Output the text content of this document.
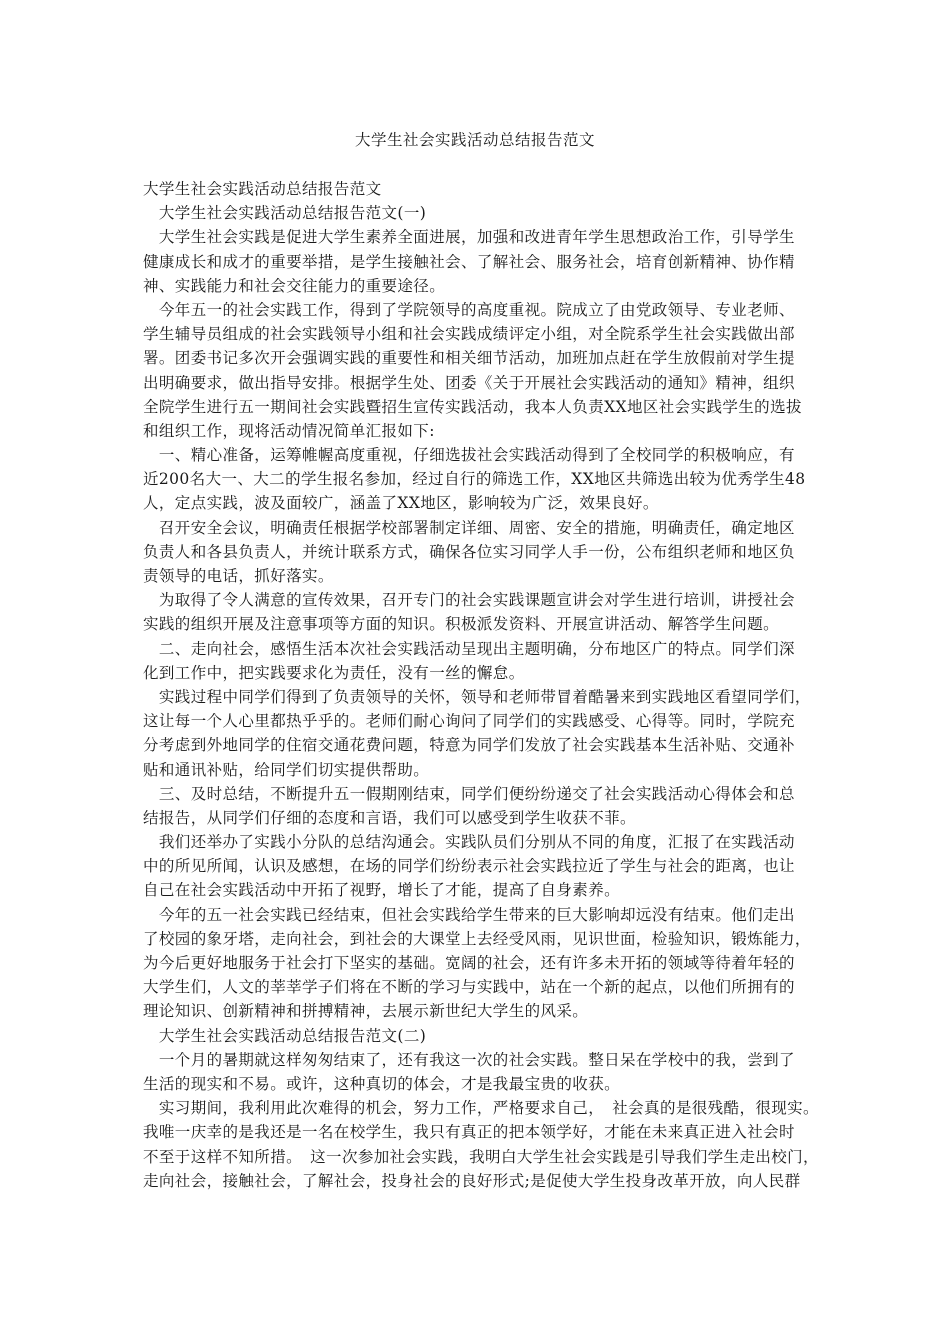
大学生社会实践活动总结报告范文
大学生社会实践活动总结报告范文
　大学生社会实践活动总结报告范文(一)
　大学生社会实践是促进大学生素养全面进展，加强和改进青年学生思想政治工作，引导学生
健康成长和成才的重要举措，是学生接触社会、了解社会、服务社会，培育创新精神、协作精
神、实践能力和社会交往能力的重要途径。
　今年五一的社会实践工作，得到了学院领导的高度重视。院成立了由党政领导、专业老师、
学生辅导员组成的社会实践领导小组和社会实践成绩评定小组，对全院系学生社会实践做出部
署。团委书记多次开会强调实践的重要性和相关细节活动，加班加点赶在学生放假前对学生提
出明确要求，做出指导安排。根据学生处、团委《关于开展社会实践活动的通知》精神，组织
全院学生进行五一期间社会实践暨招生宣传实践活动，我本人负责XX地区社会实践学生的选拔
和组织工作，现将活动情况简单汇报如下:
　一、精心准备，运筹帷幄高度重视，仔细选拔社会实践活动得到了全校同学的积极响应，有
近200名大一、大二的学生报名参加，经过自行的筛选工作，XX地区共筛选出较为优秀学生48
人，定点实践，波及面较广，涵盖了XX地区，影响较为广泛，效果良好。
　召开安全会议，明确责任根据学校部署制定详细、周密、安全的措施，明确责任，确定地区
负责人和各县负责人，并统计联系方式，确保各位实习同学人手一份，公布组织老师和地区负
责领导的电话，抓好落实。
　为取得了令人满意的宣传效果，召开专门的社会实践课题宣讲会对学生进行培训，讲授社会
实践的组织开展及注意事项等方面的知识。积极派发资料、开展宣讲活动、解答学生问题。
　二、走向社会，感悟生活本次社会实践活动呈现出主题明确，分布地区广的特点。同学们深
化到工作中，把实践要求化为责任，没有一丝的懈怠。
　实践过程中同学们得到了负责领导的关怀，领导和老师带冒着酷暑来到实践地区看望同学们，
这让每一个人心里都热乎乎的。老师们耐心询问了同学们的实践感受、心得等。同时，学院充
分考虑到外地同学的住宿交通花费问题，特意为同学们发放了社会实践基本生活补贴、交通补
贴和通讯补贴，给同学们切实提供帮助。
　三、及时总结，不断提升五一假期刚结束，同学们便纷纷递交了社会实践活动心得体会和总
结报告，从同学们仔细的态度和言语，我们可以感受到学生收获不菲。
　我们还举办了实践小分队的总结沟通会。实践队员们分别从不同的角度，汇报了在实践活动
中的所见所闻，认识及感想，在场的同学们纷纷表示社会实践拉近了学生与社会的距离，也让
自己在社会实践活动中开拓了视野，增长了才能，提高了自身素养。
　今年的五一社会实践已经结束，但社会实践给学生带来的巨大影响却远没有结束。他们走出
了校园的象牙塔，走向社会，到社会的大课堂上去经受风雨，见识世面，检验知识，锻炼能力，
为今后更好地服务于社会打下坚实的基础。宽阔的社会，还有许多未开拓的领域等待着年轻的
大学生们，人文的莘莘学子们将在不断的学习与实践中，站在一个新的起点，以他们所拥有的
理论知识、创新精神和拼搏精神，去展示新世纪大学生的风采。
　大学生社会实践活动总结报告范文(二)
　一个月的暑期就这样匆匆结束了，还有我这一次的社会实践。整日呆在学校中的我，尝到了
生活的现实和不易。或许，这种真切的体会，才是我最宝贵的收获。
　实习期间，我利用此次难得的机会，努力工作，严格要求自己，　社会真的是很残酷，很现实。
我唯一庆幸的是我还是一名在校学生，我只有真正的把本领学好，才能在未来真正进入社会时
不至于这样不知所措。　这一次参加社会实践，我明白大学生社会实践是引导我们学生走出校门，
走向社会，接触社会，了解社会，投身社会的良好形式;是促使大学生投身改革开放，向人民群
